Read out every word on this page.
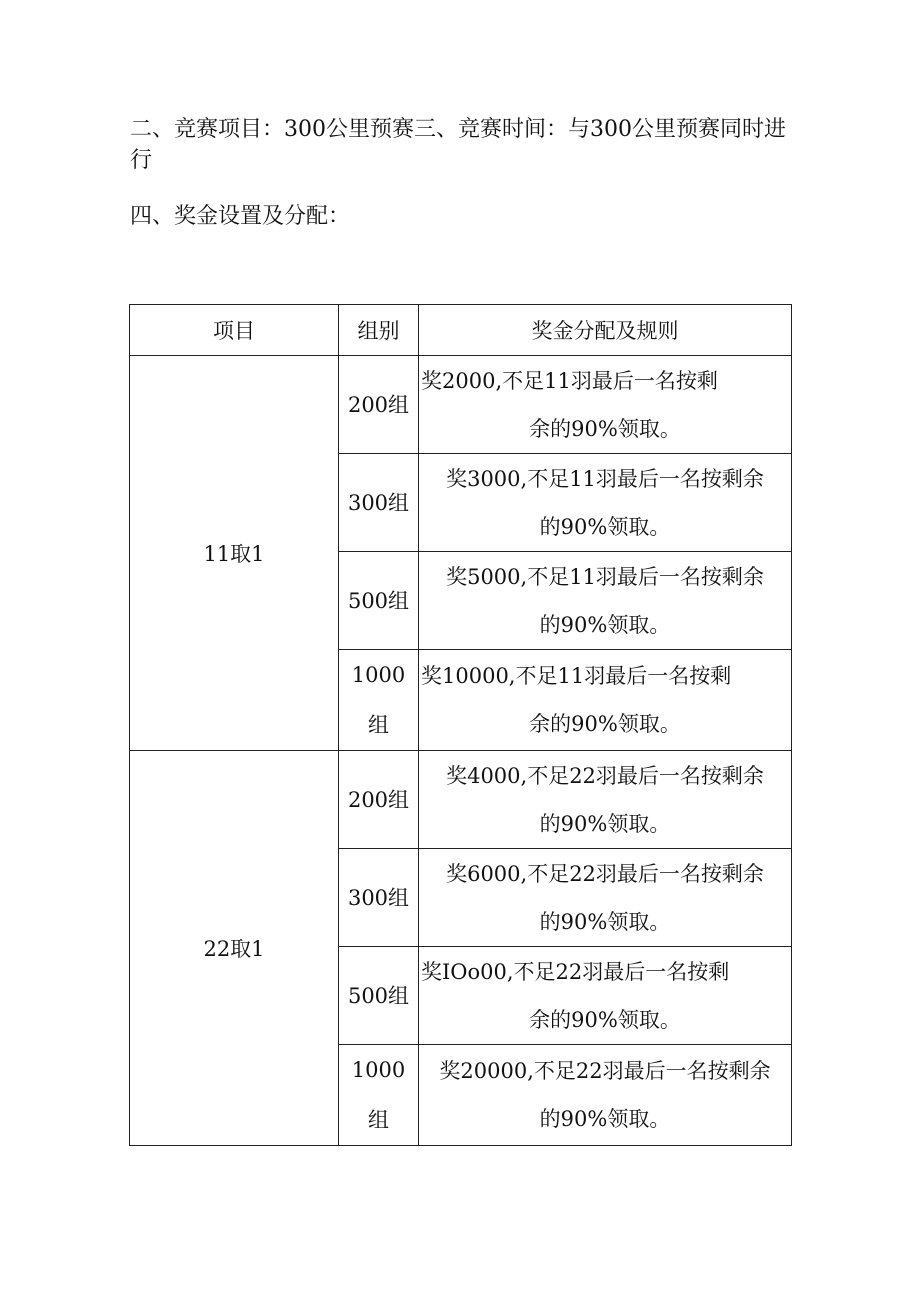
二、竞赛项目：300公里预赛三、竞赛时间：与300公里预赛同时进行

四、奖金设置及分配：

项目	组别	奖金分配及规则
11取1	200组	奖2000,不足11羽最后一名按剩
余的90%领取。

	300组	奖3000,不足11羽最后一名按剩余
的90%领取。

	500组	奖5000,不足11羽最后一名按剩余
的90%领取。

	1000
组	奖10000,不足11羽最后一名按剩
余的90%领取。

22取1	200组	奖4000,不足22羽最后一名按剩余
的90%领取。

	300组	奖6000,不足22羽最后一名按剩余
的90%领取。

	500组	奖IOo00,不足22羽最后一名按剩
余的90%领取。

	1000
组	奖20000,不足22羽最后一名按剩余
的90%领取。
